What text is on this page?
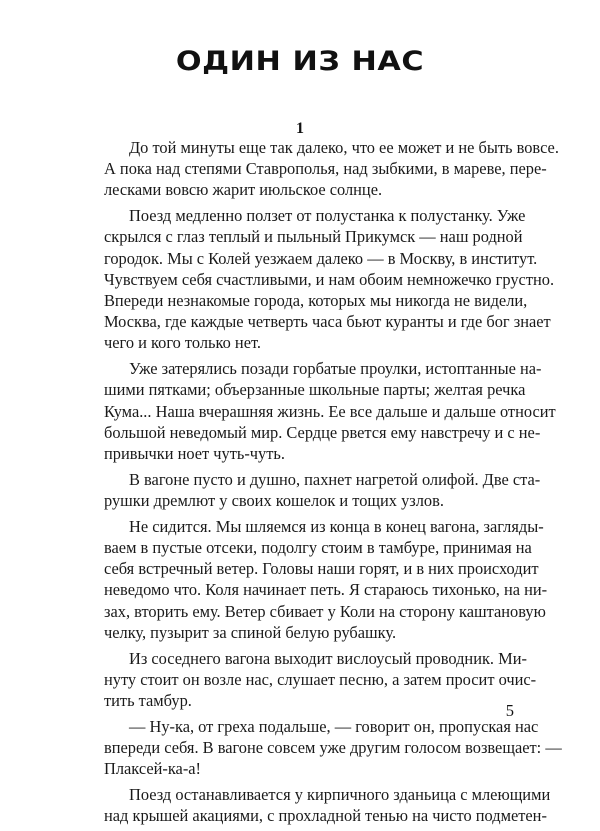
ОДИН ИЗ НАС
1

До той минуты еще так далеко, что ее может и не быть вовсе.
А пока над степями Ставрополья, над зыбкими, в мареве, пере-
лесками вовсю жарит июльское солнце.

Поезд медленно ползет от полустанка к полустанку. Уже
скрылся с глаз теплый и пыльный Прикумск — наш родной
городок. Мы с Колей уезжаем далеко — в Москву, в институт.
Чувствуем себя счастливыми, и нам обоим немножечко грустно.
Впереди незнакомые города, которых мы никогда не видели,
Москва, где каждые четверть часа бьют куранты и где бог знает
чего и кого только нет.

Уже затерялись позади горбатые проулки, истоптанные на-
шими пятками; объерзанные школьные парты; желтая речка
Кума... Наша вчерашняя жизнь. Ее все дальше и дальше относит
большой неведомый мир. Сердце рвется ему навстречу и с не-
привычки ноет чуть-чуть.

В вагоне пусто и душно, пахнет нагретой олифой. Две ста-
рушки дремлют у своих кошелок и тощих узлов.

Не сидится. Мы шляемся из конца в конец вагона, загляды-
ваем в пустые отсеки, подолгу стоим в тамбуре, принимая на
себя встречный ветер. Головы наши горят, и в них происходит
неведомо что. Коля начинает петь. Я стараюсь тихонько, на ни-
зах, вторить ему. Ветер сбивает у Коли на сторону каштановую
челку, пузырит за спиной белую рубашку.

Из соседнего вагона выходит вислоусый проводник. Ми-
нуту стоит он возле нас, слушает песню, а затем просит очис-
тить тамбур.

— Ну-ка, от греха подальше, — говорит он, пропуская нас
впереди себя. В вагоне совсем уже другим голосом возвещает: —
Плаксей-ка-а!

Поезд останавливается у кирпичного зданьица с млеющими
над крышей акациями, с прохладной тенью на чисто подметен-

5
